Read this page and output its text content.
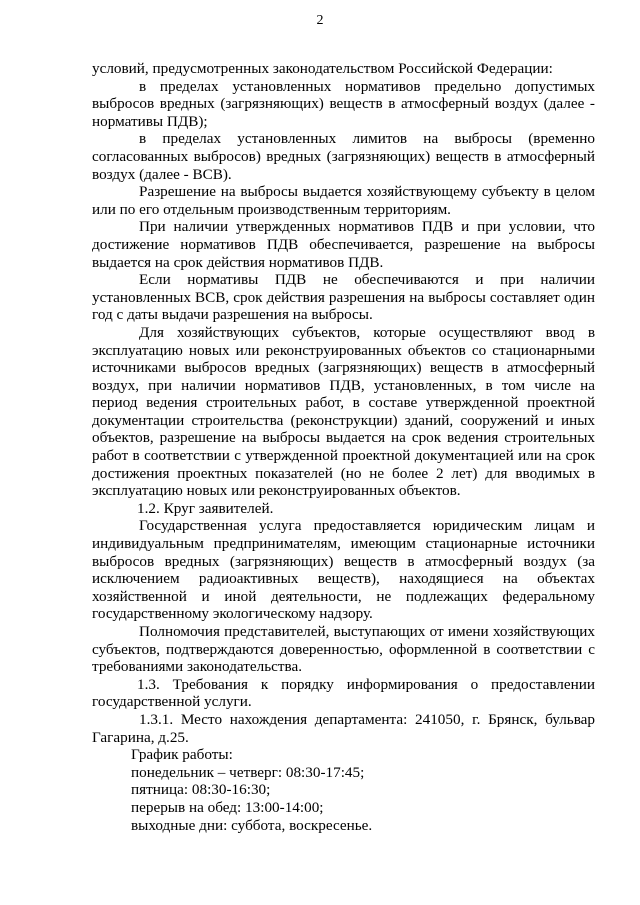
2

условий, предусмотренных законодательством Российской Федерации:

в пределах установленных нормативов предельно допустимых выбросов вредных (загрязняющих) веществ в атмосферный воздух (далее - нормативы ПДВ);

в пределах установленных лимитов на выбросы (временно согласованных выбросов) вредных (загрязняющих) веществ в атмосферный воздух (далее - ВСВ).

Разрешение на выбросы выдается хозяйствующему субъекту в целом или по его отдельным производственным территориям.

При наличии утвержденных нормативов ПДВ и при условии, что достижение нормативов ПДВ обеспечивается, разрешение на выбросы выдается на срок действия нормативов ПДВ.

Если нормативы ПДВ не обеспечиваются и при наличии установленных ВСВ, срок действия разрешения на выбросы составляет один год с даты выдачи разрешения на выбросы.

Для хозяйствующих субъектов, которые осуществляют ввод в эксплуатацию новых или реконструированных объектов со стационарными источниками выбросов вредных (загрязняющих) веществ в атмосферный воздух, при наличии нормативов ПДВ, установленных, в том числе на период ведения строительных работ, в составе утвержденной проектной документации строительства (реконструкции) зданий, сооружений и иных объектов, разрешение на выбросы выдается на срок ведения строительных работ в соответствии с утвержденной проектной документацией или на срок достижения проектных показателей (но не более 2 лет) для вводимых в эксплуатацию новых или реконструированных объектов.

1.2. Круг заявителей.

Государственная услуга предоставляется юридическим лицам и индивидуальным предпринимателям, имеющим стационарные источники выбросов вредных (загрязняющих) веществ в атмосферный воздух (за исключением радиоактивных веществ), находящиеся на объектах хозяйственной и иной деятельности, не подлежащих федеральному государственному экологическому надзору.

Полномочия представителей, выступающих от имени хозяйствующих субъектов, подтверждаются доверенностью, оформленной в соответствии с требованиями законодательства.

1.3. Требования к порядку информирования о предоставлении государственной услуги.

1.3.1. Место нахождения департамента: 241050, г. Брянск, бульвар Гагарина, д.25.

График работы:

понедельник – четверг: 08:30-17:45;

пятница: 08:30-16:30;

перерыв на обед: 13:00-14:00;

выходные дни: суббота, воскресенье.
